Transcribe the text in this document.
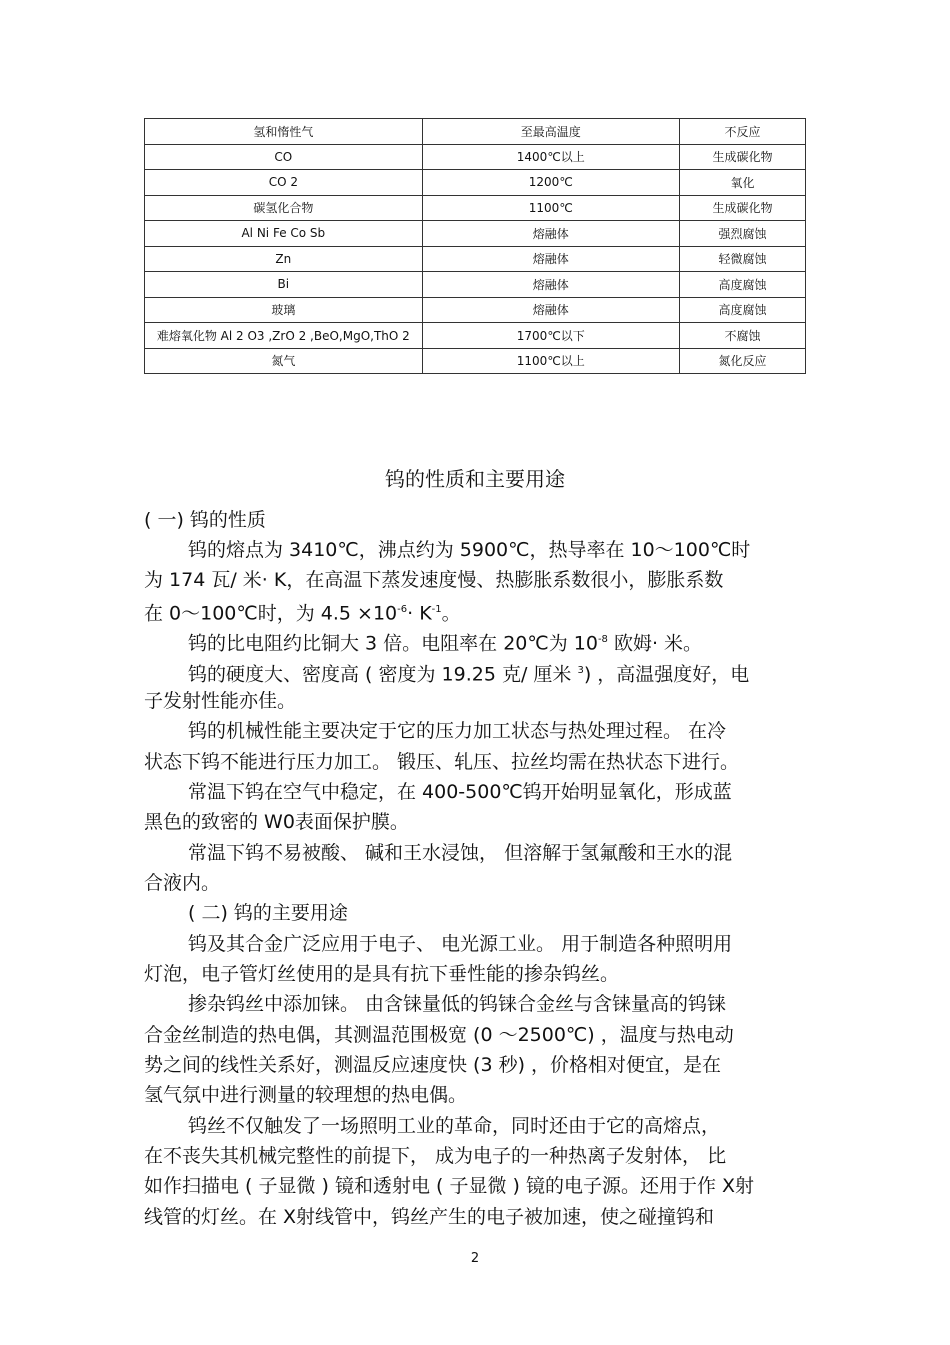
氢和惰性气	至最高温度	不反应
CO	1400℃以上	生成碳化物
CO 2	1200℃	氧化
碳氢化合物	1100℃	生成碳化物
Al Ni Fe Co Sb	熔融体	强烈腐蚀
Zn	熔融体	轻微腐蚀
Bi	熔融体	高度腐蚀
玻璃	熔融体	高度腐蚀
难熔氧化物 Al 2 O3 ,ZrO 2 ,BeO,MgO,ThO 2	1700℃以下	不腐蚀
氮气	1100℃以上	氮化反应
钨的性质和主要用途
( 一) 钨的性质
钨的熔点为 3410℃，沸点约为 5900℃，热导率在 10～100℃时
为 174 瓦/ 米· K，在高温下蒸发速度慢、热膨胀系数很小，膨胀系数
在 0～100℃时，为 $4.5 \times 10^{-6}\cdot K^{-1}$。
钨的比电阻约比铜大 3 倍。电阻率在 20℃为 $10^{-8}$ 欧姆· 米。
钨的硬度大、密度高 ( 密度为 19.25 克/ 厘米 $^3$) ，高温强度好，电
子发射性能亦佳。
钨的机械性能主要决定于它的压力加工状态与热处理过程。 在冷
状态下钨不能进行压力加工。 锻压、轧压、拉丝均需在热状态下进行。
常温下钨在空气中稳定，在 400-500℃钨开始明显氧化，形成蓝
黑色的致密的 W0表面保护膜。
常温下钨不易被酸、 碱和王水浸蚀， 但溶解于氢氟酸和王水的混
合液内。
( 二) 钨的主要用途
钨及其合金广泛应用于电子、 电光源工业。 用于制造各种照明用
灯泡，电子管灯丝使用的是具有抗下垂性能的掺杂钨丝。
掺杂钨丝中添加铼。 由含铼量低的钨铼合金丝与含铼量高的钨铼
合金丝制造的热电偶，其测温范围极宽 (0 ～2500℃) ，温度与热电动
势之间的线性关系好，测温反应速度快 (3 秒) ，价格相对便宜，是在
氢气氛中进行测量的较理想的热电偶。
钨丝不仅触发了一场照明工业的革命，同时还由于它的高熔点，
在不丧失其机械完整性的前提下， 成为电子的一种热离子发射体， 比
如作扫描电 ( 子显微 ) 镜和透射电 ( 子显微 ) 镜的电子源。还用于作 X射
线管的灯丝。在 X射线管中，钨丝产生的电子被加速，使之碰撞钨和
2
